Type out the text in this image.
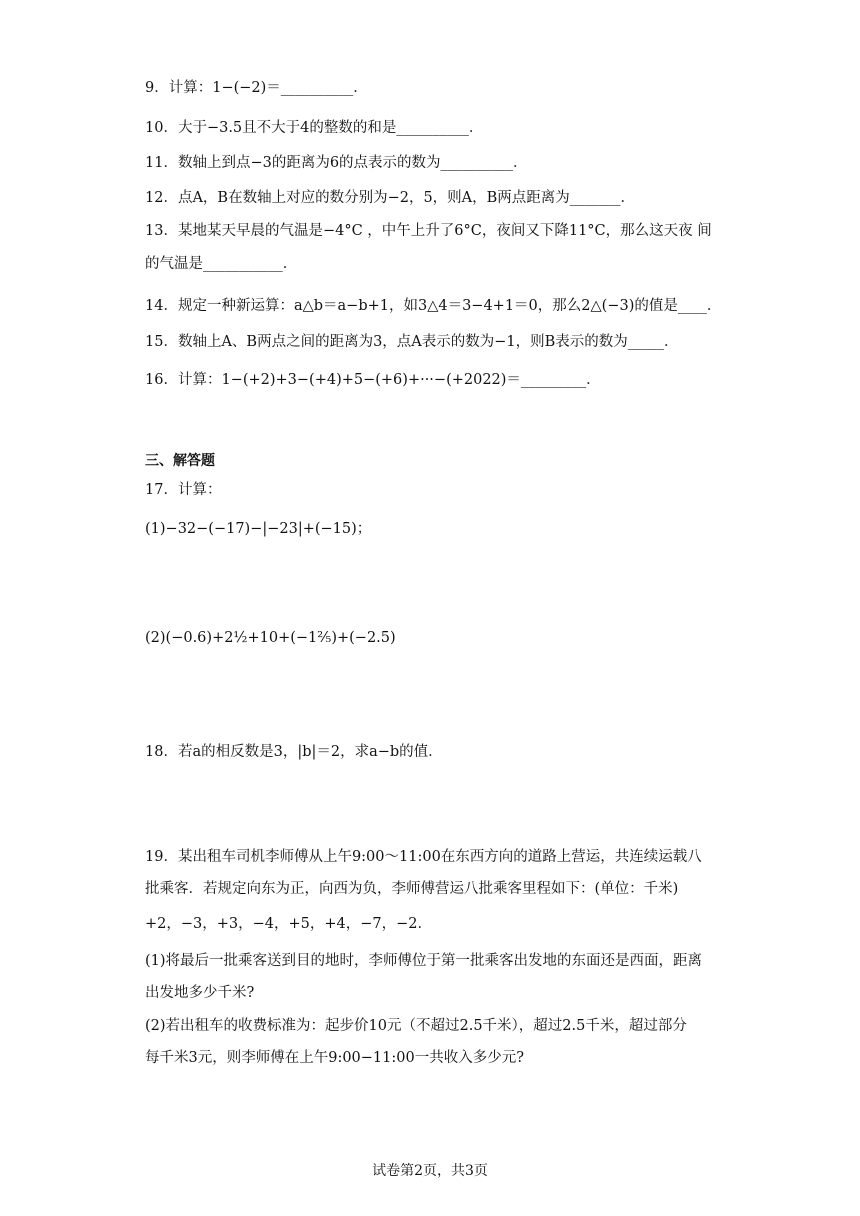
9．计算：1−(−2)＝__________．
10．大于−3.5且不大于4的整数的和是__________．
11．数轴上到点−3的距离为6的点表示的数为__________．
12．点A，B在数轴上对应的数分别为−2，5，则A，B两点距离为_______．
13．某地某天早晨的气温是−4°C ，中午上升了6°C，夜间又下降11°C，那么这天夜 间
的气温是___________．
14．规定一种新运算：a△b＝a−b+1，如3△4＝3−4+1＝0，那么2△(−3)的值是____．
15．数轴上A、B两点之间的距离为3，点A表示的数为−1，则B表示的数为_____．
16．计算：1−(+2)+3−(+4)+5−(+6)+···−(+2022)＝_________．
三、解答题
17．计算：
(1)−32−(−17)−|−23|+(−15)；
(2)(−0.6)+2½+10+(−1⅖)+(−2.5)
18．若a的相反数是3，|b|＝2，求a−b的值．
19．某出租车司机李师傅从上午9:00～11:00在东西方向的道路上营运，共连续运载八
批乘客．若规定向东为正，向西为负，李师傅营运八批乘客里程如下：(单位：千米)
+2，−3，+3，−4，+5，+4，−7，−2．
(1)将最后一批乘客送到目的地时，李师傅位于第一批乘客出发地的东面还是西面，距离
出发地多少千米?
(2)若出租车的收费标准为：起步价10元（不超过2.5千米），超过2.5千米，超过部分
每千米3元，则李师傅在上午9:00−11:00一共收入多少元?
试卷第2页，共3页
